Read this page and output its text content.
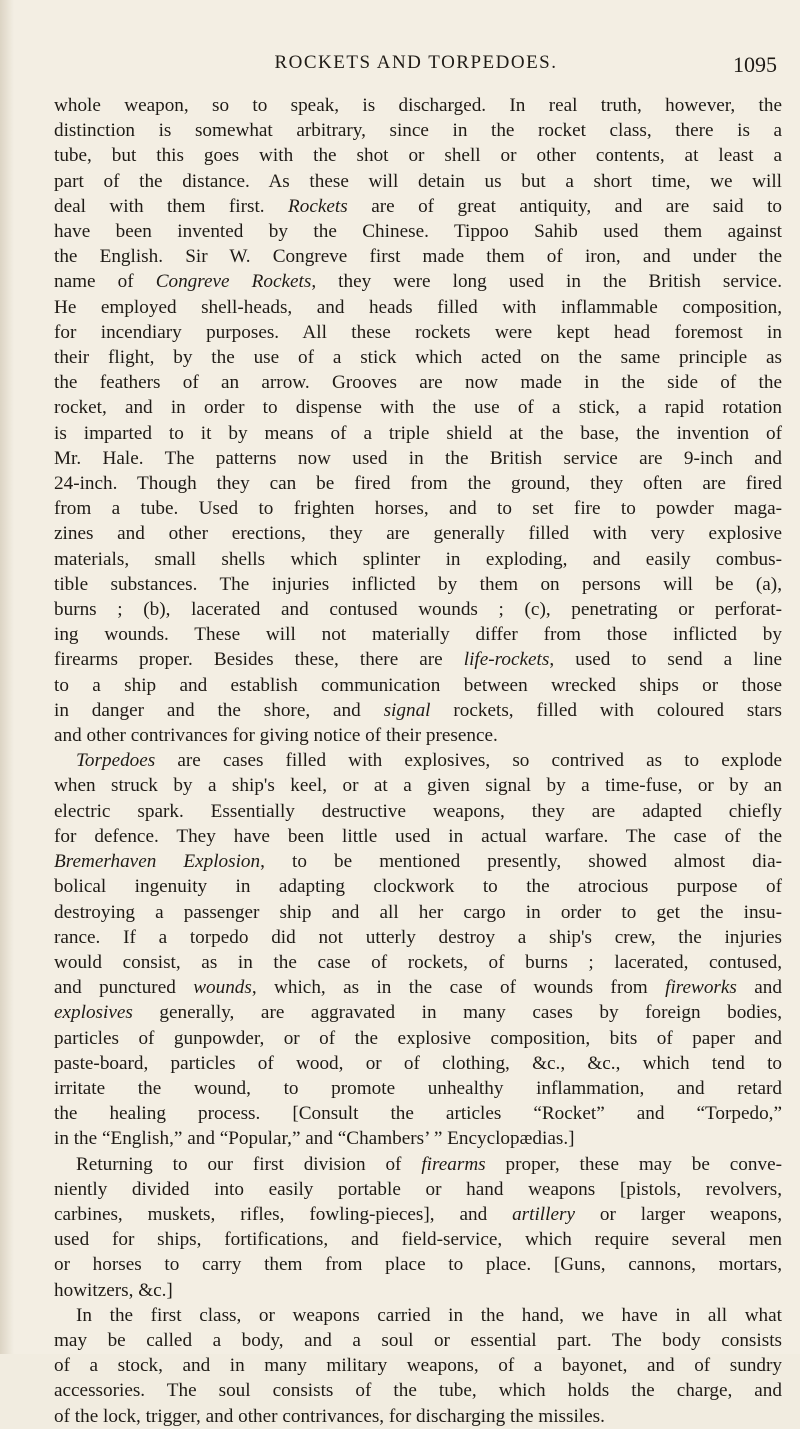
ROCKETS AND TORPEDOES.	1095
whole weapon, so to speak, is discharged. In real truth, however, the
distinction is somewhat arbitrary, since in the rocket class, there is a
tube, but this goes with the shot or shell or other contents, at least a
part of the distance. As these will detain us but a short time, we will
deal with them first. Rockets are of great antiquity, and are said to
have been invented by the Chinese. Tippoo Sahib used them against
the English. Sir W. Congreve first made them of iron, and under the
name of Congreve Rockets, they were long used in the British service.
He employed shell-heads, and heads filled with inflammable composition,
for incendiary purposes. All these rockets were kept head foremost in
their flight, by the use of a stick which acted on the same principle as
the feathers of an arrow. Grooves are now made in the side of the
rocket, and in order to dispense with the use of a stick, a rapid rotation
is imparted to it by means of a triple shield at the base, the invention of
Mr. Hale. The patterns now used in the British service are 9-inch and
24-inch. Though they can be fired from the ground, they often are fired
from a tube. Used to frighten horses, and to set fire to powder maga-
zines and other erections, they are generally filled with very explosive
materials, small shells which splinter in exploding, and easily combus-
tible substances. The injuries inflicted by them on persons will be (a),
burns ; (b), lacerated and contused wounds ; (c), penetrating or perforat-
ing wounds. These will not materially differ from those inflicted by
firearms proper. Besides these, there are life-rockets, used to send a line
to a ship and establish communication between wrecked ships or those
in danger and the shore, and signal rockets, filled with coloured stars
and other contrivances for giving notice of their presence.
Torpedoes are cases filled with explosives, so contrived as to explode
when struck by a ship's keel, or at a given signal by a time-fuse, or by an
electric spark. Essentially destructive weapons, they are adapted chiefly
for defence. They have been little used in actual warfare. The case of the
Bremerhaven Explosion, to be mentioned presently, showed almost dia-
bolical ingenuity in adapting clockwork to the atrocious purpose of
destroying a passenger ship and all her cargo in order to get the insu-
rance. If a torpedo did not utterly destroy a ship's crew, the injuries
would consist, as in the case of rockets, of burns ; lacerated, contused,
and punctured wounds, which, as in the case of wounds from fireworks and
explosives generally, are aggravated in many cases by foreign bodies,
particles of gunpowder, or of the explosive composition, bits of paper and
paste-board, particles of wood, or of clothing, &c., &c., which tend to
irritate the wound, to promote unhealthy inflammation, and retard
the healing process. [Consult the articles “Rocket” and “Torpedo,”
in the “English,” and “Popular,” and “Chambers’ ” Encyclopædias.]
Returning to our first division of firearms proper, these may be conve-
niently divided into easily portable or hand weapons [pistols, revolvers,
carbines, muskets, rifles, fowling-pieces], and artillery or larger weapons,
used for ships, fortifications, and field-service, which require several men
or horses to carry them from place to place. [Guns, cannons, mortars,
howitzers, &c.]
In the first class, or weapons carried in the hand, we have in all what
may be called a body, and a soul or essential part. The body consists
of a stock, and in many military weapons, of a bayonet, and of sundry
accessories. The soul consists of the tube, which holds the charge, and
of the lock, trigger, and other contrivances, for discharging the missiles.
